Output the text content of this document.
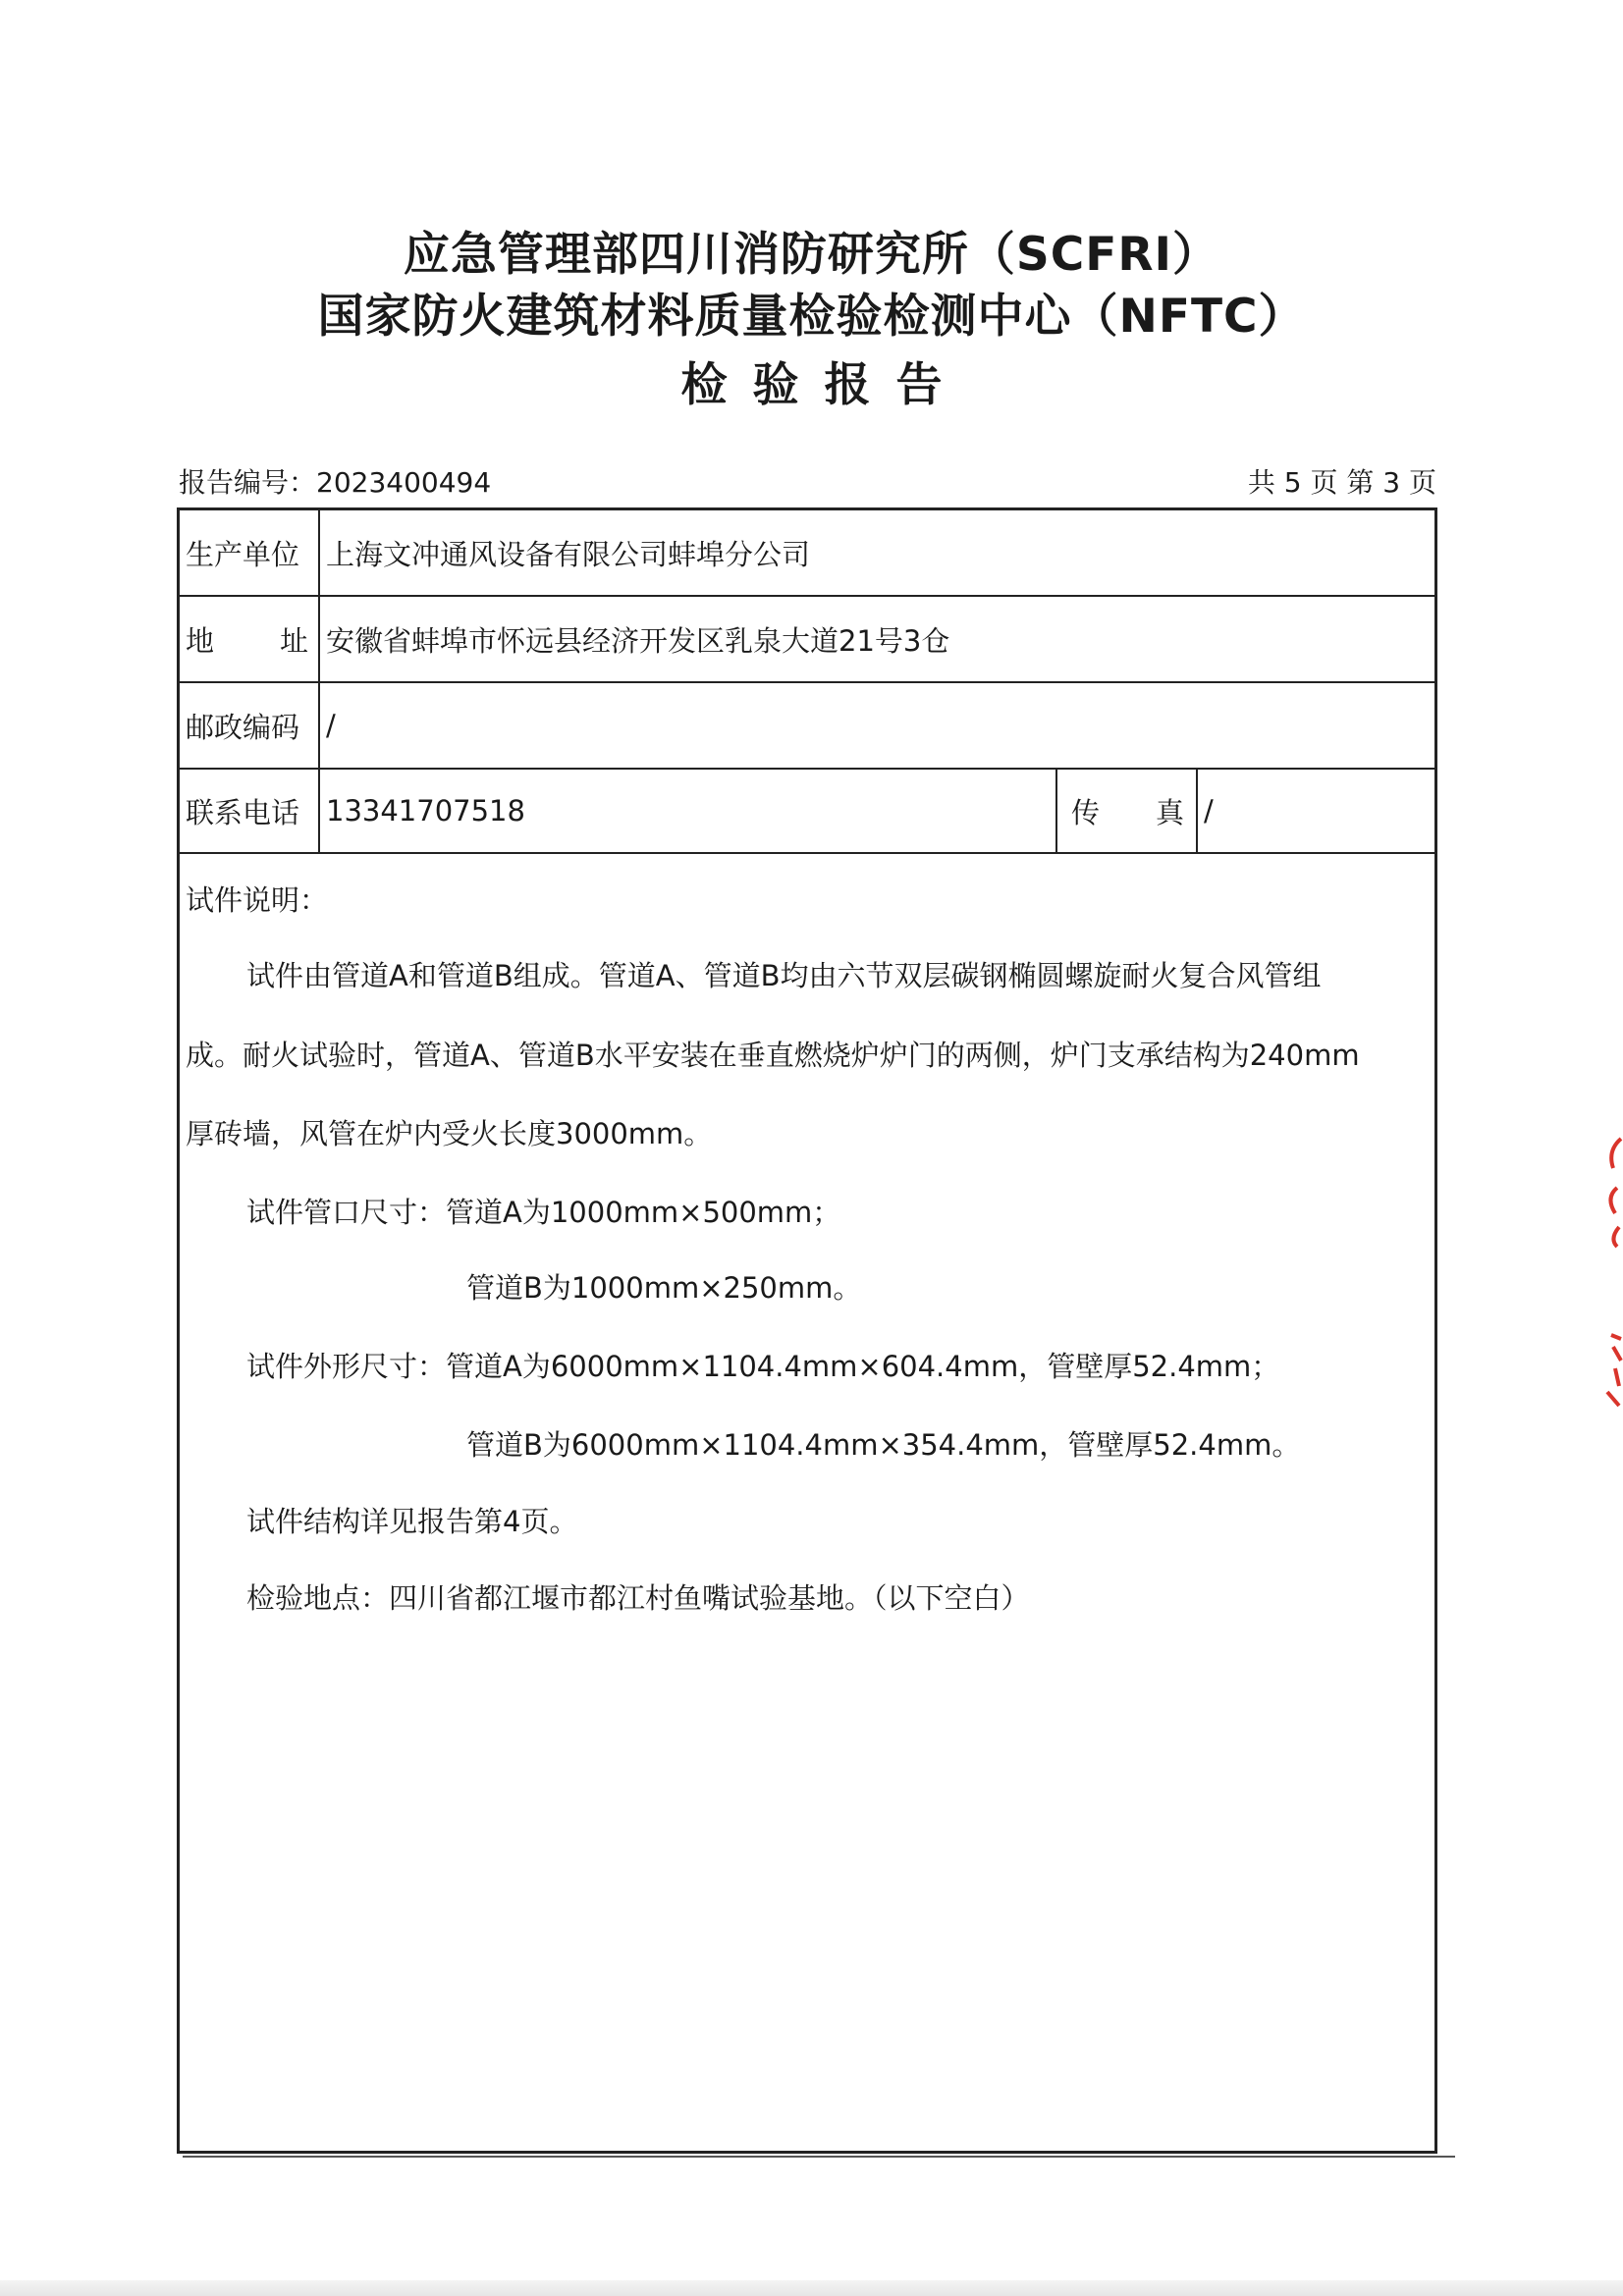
应急管理部四川消防研究所（SCFRI）
国家防火建筑材料质量检验检测中心（NFTC）
检验报告
报告编号：2023400494	共 5 页 第 3 页
生产单位 上海文冲通风设备有限公司蚌埠分公司
地 址 安徽省蚌埠市怀远县经济开发区乳泉大道21号3仓
邮政编码 /
联系电话 13341707518	传 真 /
试件说明：
试件由管道A和管道B组成。管道A、管道B均由六节双层碳钢椭圆螺旋耐火复合风管组
成。耐火试验时，管道A、管道B水平安装在垂直燃烧炉炉门的两侧，炉门支承结构为240mm
厚砖墙，风管在炉内受火长度3000mm。
试件管口尺寸：管道A为1000mm×500mm；
管道B为1000mm×250mm。
试件外形尺寸：管道A为6000mm×1104.4mm×604.4mm，管壁厚52.4mm；
管道B为6000mm×1104.4mm×354.4mm，管壁厚52.4mm。
试件结构详见报告第4页。
检验地点：四川省都江堰市都江村鱼嘴试验基地。（以下空白）
